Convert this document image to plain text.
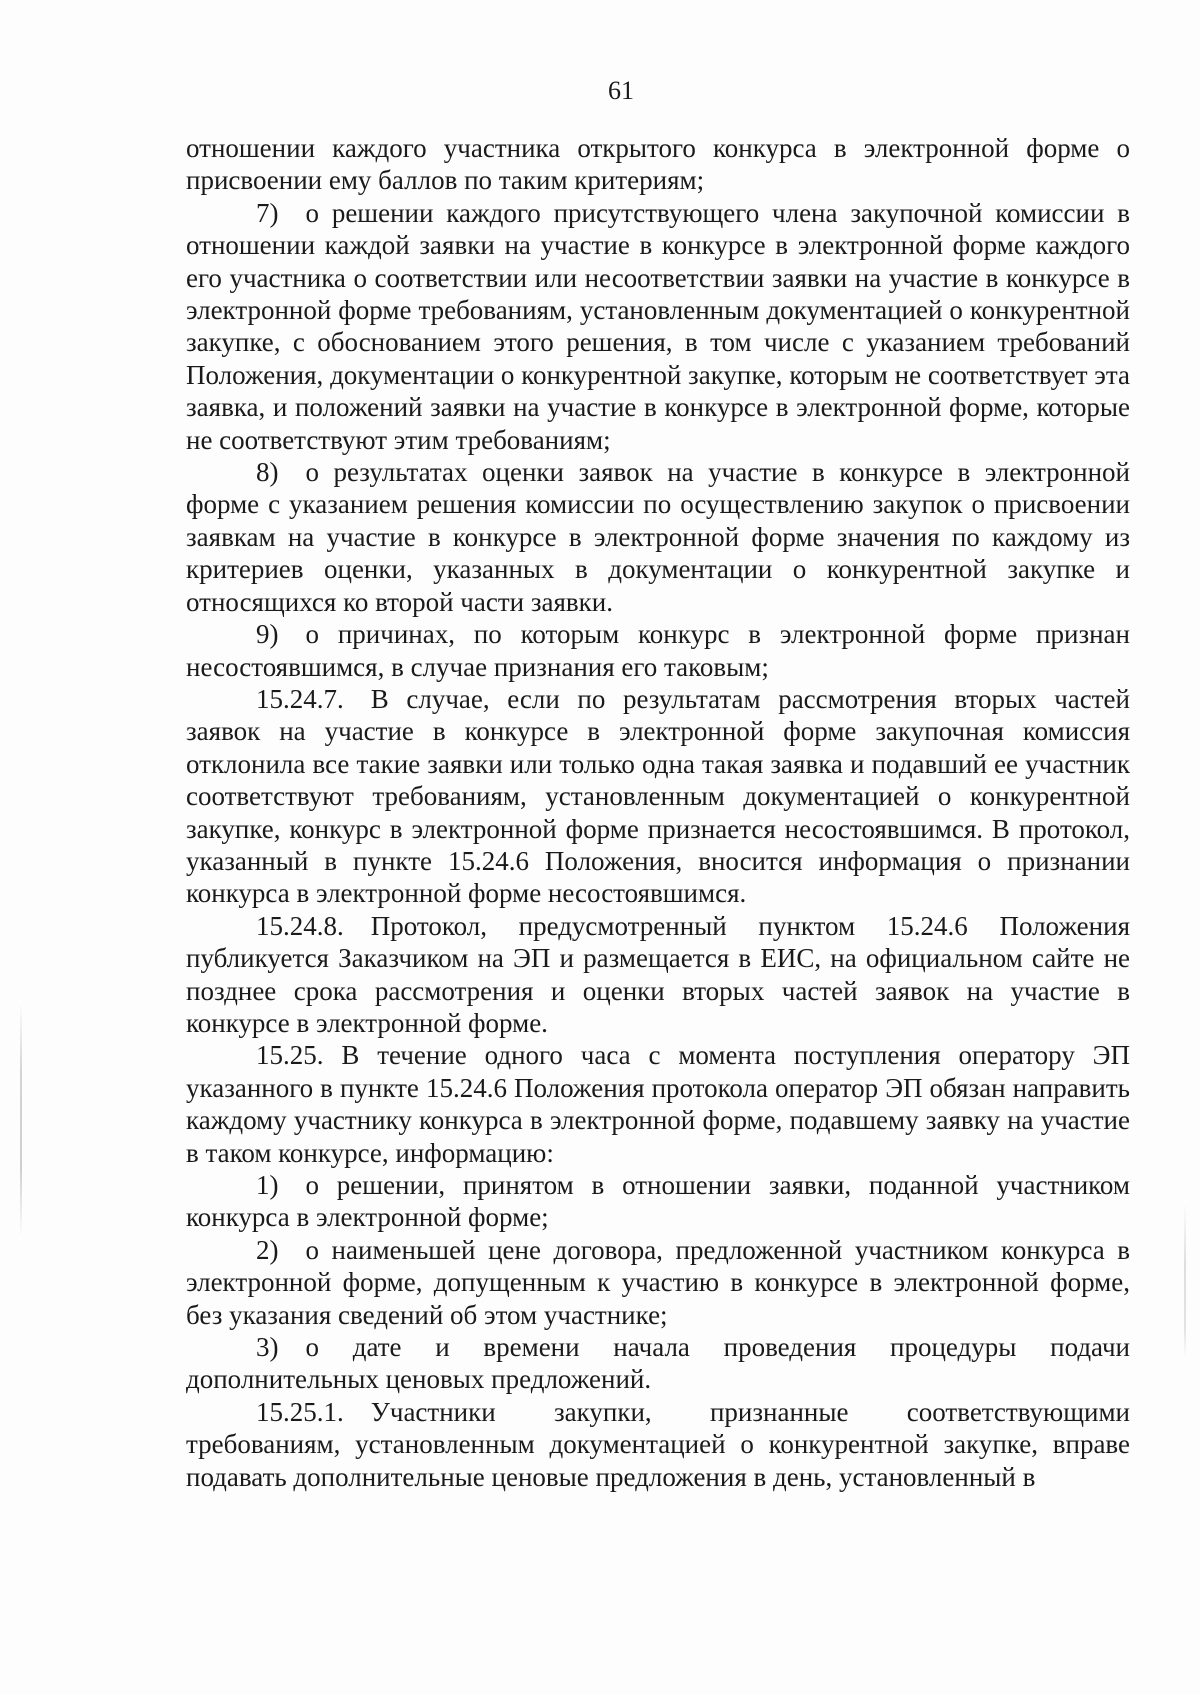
61

отношении каждого участника открытого конкурса в электронной форме о присвоении ему баллов по таким критериям;

7) о решении каждого присутствующего члена закупочной комиссии в отношении каждой заявки на участие в конкурсе в электронной форме каждого его участника о соответствии или несоответствии заявки на участие в конкурсе в электронной форме требованиям, установленным документацией о конкурентной закупке, с обоснованием этого решения, в том числе с указанием требований Положения, документации о конкурентной закупке, которым не соответствует эта заявка, и положений заявки на участие в конкурсе в электронной форме, которые не соответствуют этим требованиям;

8) о результатах оценки заявок на участие в конкурсе в электронной форме с указанием решения комиссии по осуществлению закупок о присвоении заявкам на участие в конкурсе в электронной форме значения по каждому из критериев оценки, указанных в документации о конкурентной закупке и относящихся ко второй части заявки.

9) о причинах, по которым конкурс в электронной форме признан несостоявшимся, в случае признания его таковым;

15.24.7. В случае, если по результатам рассмотрения вторых частей заявок на участие в конкурсе в электронной форме закупочная комиссия отклонила все такие заявки или только одна такая заявка и подавший ее участник соответствуют требованиям, установленным документацией о конкурентной закупке, конкурс в электронной форме признается несостоявшимся. В протокол, указанный в пункте 15.24.6 Положения, вносится информация о признании конкурса в электронной форме несостоявшимся.

15.24.8. Протокол, предусмотренный пунктом 15.24.6 Положения публикуется Заказчиком на ЭП и размещается в ЕИС, на официальном сайте не позднее срока рассмотрения и оценки вторых частей заявок на участие в конкурсе в электронной форме.

15.25. В течение одного часа с момента поступления оператору ЭП указанного в пункте 15.24.6 Положения протокола оператор ЭП обязан направить каждому участнику конкурса в электронной форме, подавшему заявку на участие в таком конкурсе, информацию:

1) о решении, принятом в отношении заявки, поданной участником конкурса в электронной форме;

2) о наименьшей цене договора, предложенной участником конкурса в электронной форме, допущенным к участию в конкурсе в электронной форме, без указания сведений об этом участнике;

3) о дате и времени начала проведения процедуры подачи дополнительных ценовых предложений.

15.25.1. Участники закупки, признанные соответствующими требованиям, установленным документацией о конкурентной закупке, вправе подавать дополнительные ценовые предложения в день, установленный в
